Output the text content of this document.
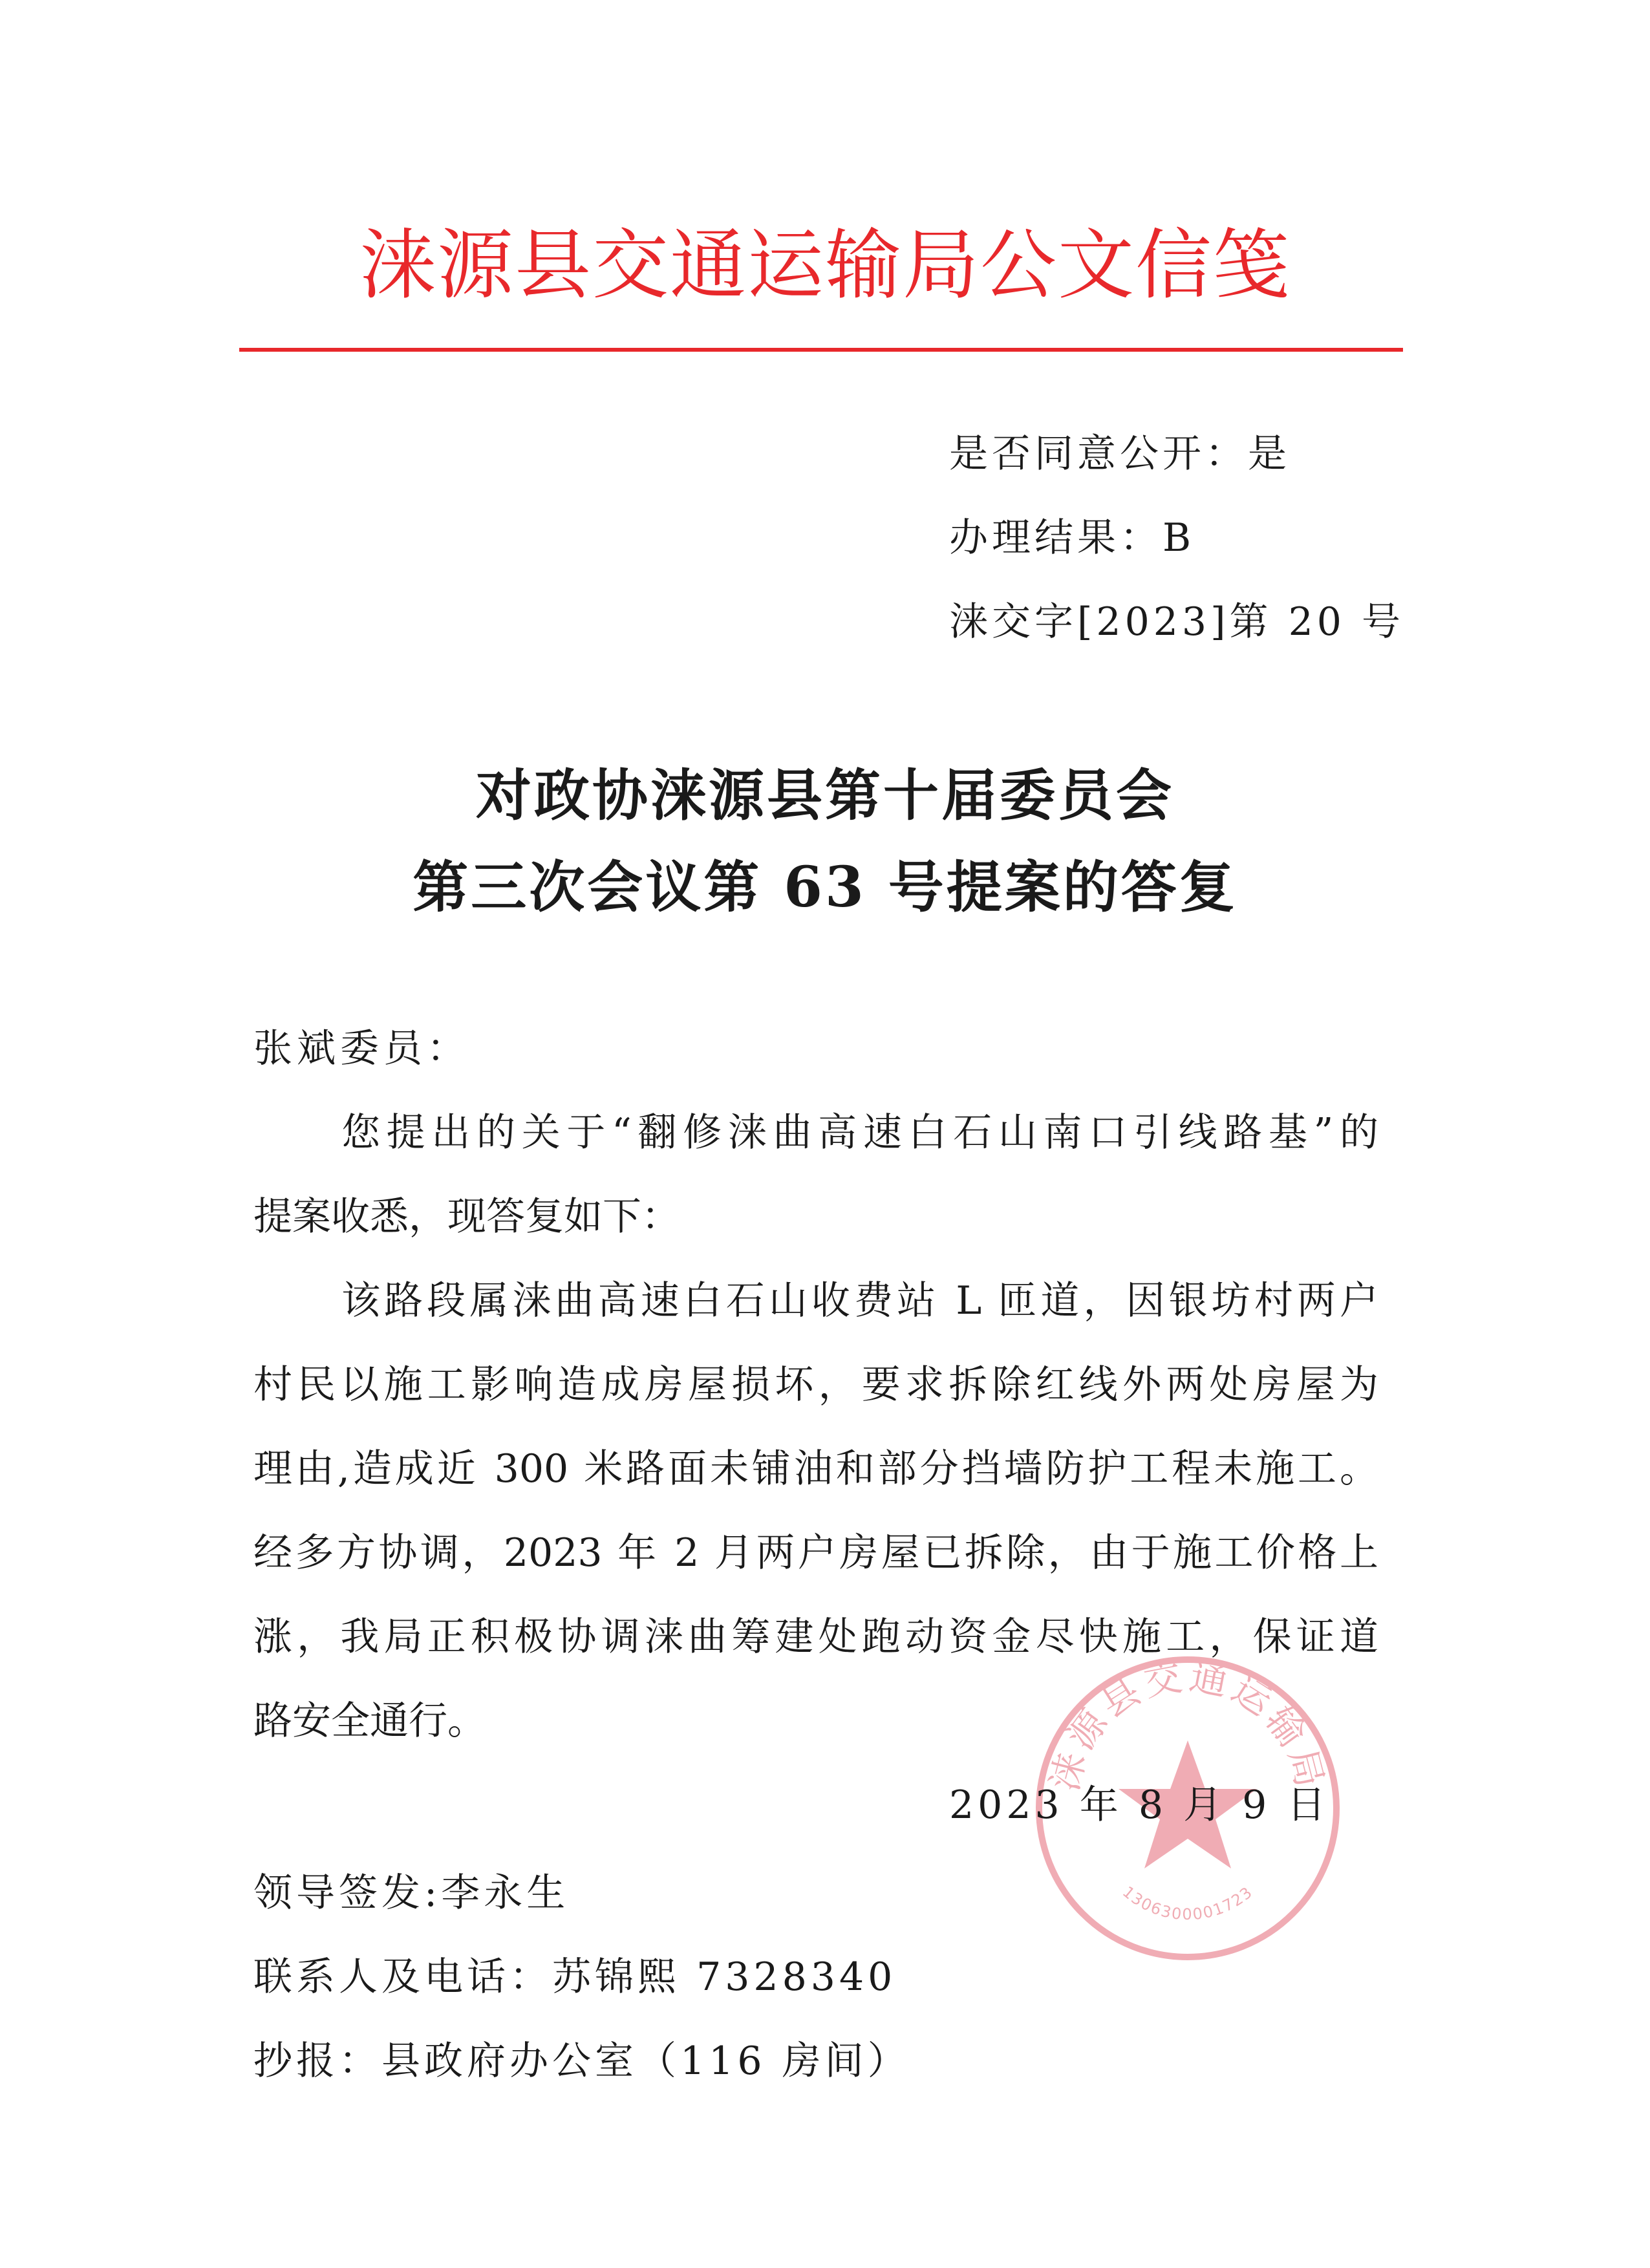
涞源县交通运输局公文信笺
是否同意公开：是
办理结果：B
涞交字[2023]第 20 号
对政协涞源县第十届委员会
第三次会议第 63 号提案的答复
张斌委员：
您提出的关于“翻修涞曲高速白石山南口引线路基”的
提案收悉，现答复如下：
该路段属涞曲高速白石山收费站 L 匝道，因银坊村两户
村民以施工影响造成房屋损坏，要求拆除红线外两处房屋为
理由,造成近 300 米路面未铺油和部分挡墙防护工程未施工。
经多方协调，2023 年 2 月两户房屋已拆除，由于施工价格上
涨，我局正积极协调涞曲筹建处跑动资金尽快施工，保证道
路安全通行。
涞源县交通运输局
1306300001723
2023 年 8 月 9 日
领导签发:李永生
联系人及电话：苏锦熙 7328340
抄报：县政府办公室（116 房间）
